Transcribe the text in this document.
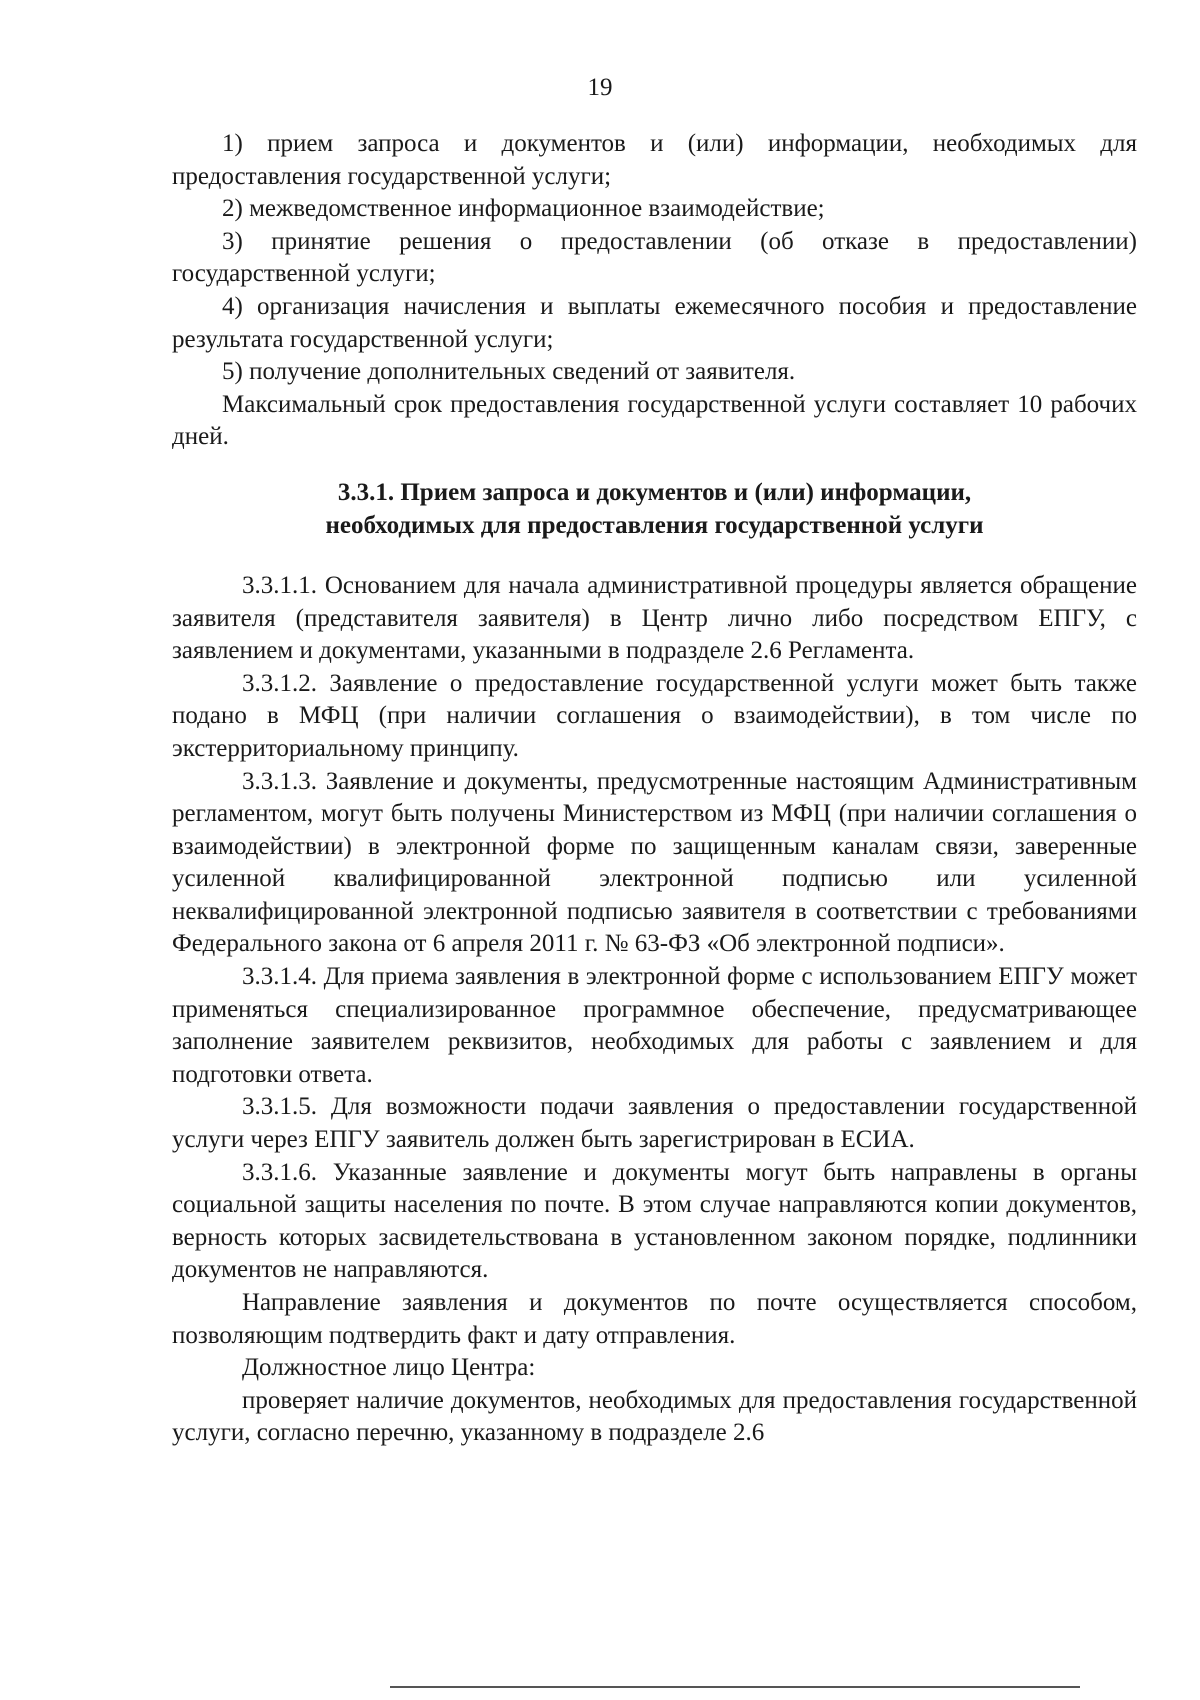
19

1) прием запроса и документов и (или) информации, необходимых для предоставления государственной услуги;

2) межведомственное информационное взаимодействие;

3) принятие решения о предоставлении (об отказе в предоставлении) государственной услуги;

4) организация начисления и выплаты ежемесячного пособия и предоставление результата государственной услуги;

5) получение дополнительных сведений от заявителя.

Максимальный срок предоставления государственной услуги составляет 10 рабочих дней.

3.3.1. Прием запроса и документов и (или) информации,
необходимых для предоставления государственной услуги

3.3.1.1. Основанием для начала административной процедуры является обращение заявителя (представителя заявителя) в Центр лично либо посредством ЕПГУ, с заявлением и документами, указанными в подразделе 2.6 Регламента.

3.3.1.2. Заявление о предоставление государственной услуги может быть также подано в МФЦ (при наличии соглашения о взаимодействии), в том числе по экстерриториальному принципу.

3.3.1.3. Заявление и документы, предусмотренные настоящим Административным регламентом, могут быть получены Министерством из МФЦ (при наличии соглашения о взаимодействии) в электронной форме по защищенным каналам связи, заверенные усиленной квалифицированной электронной подписью или усиленной неквалифицированной электронной подписью заявителя в соответствии с требованиями Федерального закона от 6 апреля 2011 г. № 63-ФЗ «Об электронной подписи».

3.3.1.4. Для приема заявления в электронной форме с использованием ЕПГУ может применяться специализированное программное обеспечение, предусматривающее заполнение заявителем реквизитов, необходимых для работы с заявлением и для подготовки ответа.

3.3.1.5. Для возможности подачи заявления о предоставлении государственной услуги через ЕПГУ заявитель должен быть зарегистрирован в ЕСИА.

3.3.1.6. Указанные заявление и документы могут быть направлены в органы социальной защиты населения по почте. В этом случае направляются копии документов, верность которых засвидетельствована в установленном законом порядке, подлинники документов не направляются.

Направление заявления и документов по почте осуществляется способом, позволяющим подтвердить факт и дату отправления.

Должностное лицо Центра:

проверяет наличие документов, необходимых для предоставления государственной услуги, согласно перечню, указанному в подразделе 2.6
